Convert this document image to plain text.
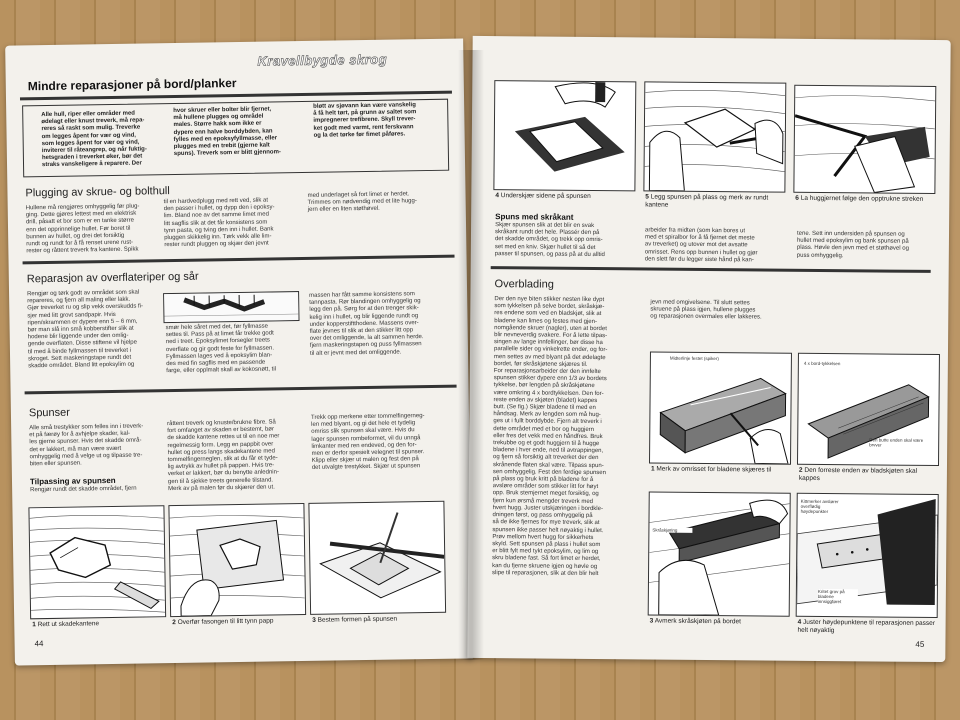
Mindre reparasjoner på bord/planker
Kravellbygde skrog
Alle hull, riper eller områder med
ødelagt eller knust treverk, må repa-
reres så raskt som mulig. Treverke
om legges åpent for vær og vind,
som legges åpent for vær og vind,
inviterer til råteangrep, og når fuktig-
hetsgraden i treverket øker, bør det
straks vanskeligere å reparere. Der
hvor skruer eller bolter blir fjernet,
må hullene plugges og områdel
males. Større hakk som ikke er
dypere enn halve borddybden, kan
fylles med en epoksyfyllmasse, eller
plugges med en trebit (gjerne kalt
spuns). Treverk som er blitt gjennom-
bløtt av sjøvann kan være vanskelig
å få helt tørt, på grunn av saltet som
impregnerer trefibrene. Skyll trever-
ket godt med varmt, rent ferskvann
og la det tørke før fimet påføres.
Plugging av skrue- og bolthull
Hullene må rengjøres omhyggelig før plug-
ging. Dette gjøres lettest med en elektrisk
drill, påsatt et bor som er en tanke større
enn det opprinnelige hullet. Før boret til
bunnen av hullet, og drei det forsiktig
rundt og rundt for å få renset urene rust-
rester og råttent treverk fra kantene. Spikk
til en hardvedplugg med rett ved, slik at
den passer i hullet, og dypp den i epoksy-
lim. Bland noe av det samme limet med
litt sagflis slik at det får konsistens som
tynn pasta, og tving den inn i hullet. Bank
pluggen skikkelig inn. Tørk vekk alle lim-
rester rundt pluggen og skjær den jevnt
med underlaget så fort limet er herdet.
Trimmes om nødvendig med et lite hugg-
jern eller en liten støthøvel.
Reparasjon av overflateriper og sår
Rengjør og tørk godt av området som skal
repareres, og fjern all maling eller lakk.
Gjør treverket ru og slip vekk overskudds fi-
sjer med litt grovt sandpapir. Hvis
ripen/skrammen er dypere enn 5 – 6 mm,
bør man slå inn små kobberstifter slik at
hodene blir liggende under den omlig-
gende overflaten. Disse stiftene vil hjelpe
til med å binde fyllmassen til treverket i
skroget. Sett maskeringstape rundt det
skadde området. Bland litt epoksylim og
smør hele såret med det, før fyllmasse
settes til. Pass på at limet får trekke godt
ned i treet. Epoksylimet forsegler treets
overflate og gir godt feste for fyllmassen.
Fyllmassen lages ved å epoksylim blan-
des med fin sagflis med en passende
farge, eller opplmalt skall av kokosnøtt, til
massen har fått samme konsistens som
tannpasta. Rør blandingen omhyggelig og
legg den på. Sørg for at den trenger skik-
kelig inn i hullet, og blir liggende rundt og
under kopperstiftthodene. Massens over-
flate jevnes til slik at den stikker litt opp
over det omliggende, la alt sammen herde.
fjern maskeringstapen og puss fyllmassen
til alt er jevnt med det omliggende.
Spunser
Alle små trestykker som felles inn i treverk-
et på færøy for å avhjelpe skader, kal-
les gjerne spunser. Hvis det skadde områ-
det er lakkert, må man være svært
omhyggelig med å velge ut og tilpasse tre-
biten eller spunsen.
Tilpassing av spunsen
Rengjør rundt det skadde området, fjern
råttent treverk og knuste/brukne fibre. Så
fort omfanget av skaden er bestemt, bør
de skadde kantene rettes ut til en noe mer
regelmessig form. Legg en pappbit over
hullet og press langs skadekantene med
tommelfingerneglen, slik at du får et tyde-
lig avtrykk av hullet på pappen. Hvis tre-
verket er lakkert, bør du benytte anlednin-
gen til å sjekke treets generelle tilstand.
Merk av på malen før du skjærer den ut.
Trekk opp merkene etter tommelfingerneg-
len med blyant, og gi det hele et tydelig
omriss slik spunsen skal være. Hvis du
lager spunsen rombeformet, vil du unngå
limkanter med ren endeved, og den for-
men er derfor spesielt velegnet til spunser.
Klipp eller skjær ut malen og fest den på
det utvalgte trestykket. Skjær ut spunsen
1 Rett ut skadekantene	2 Overfør fasongen til litt tynn papp	3 Bestem formen på spunsen
44
4 Underskjær sidene på spunsen	5 Legg spunsen på plass og merk av rundt kantene
6 La huggjernet følge den opptrukne streken
Spuns med skråkant
Skjær spunsen slik at det blir en svak
skråkant rundt det hele. Plassér den på
det skadde området, og trekk opp omris-
set med en kniv. Skjær hullet til så det
passer til spunsen, og pass på at du alltid
arbeider fra midten (som kan bores ut
med et spiralbor for å få fjernet det meste
av treverket) og utover mot det avsatte
omrisset. Rens opp bunnen i hullet og gjør
den slett før du legger siste hånd på kan-
tene. Sett inn undersiden på spunsen og
hullet med epoksylim og bank spunsen på
plass. Høvle den jevn med et støthøvel og
puss omhyggelig.
Overblading
Der den nye biten stikker nesten like dypt
som tykkelsen på selve bordet, skråskjæ-
res endene som ved en bladskjøt, slik at
bladene kan limes og festes med gjen-
nomgående skruer (nagler), uten at bordet
blir nevneverdig svakere. For å lette tilpas-
singen av lange innfellinger, bør disse ha
parallelle sider og vinkelrette ender, og for-
men settes av med blyant på det ødelagte
bordet, før skråskjøtene skjæres til.
For reparasjonsarbeider der den innfelte
spunsen stikker dypere enn 1/3 av bordets
tykkelse, bør lengden på skråskjøtene
være omkring 4 x bordtykkelsen. Den for-
reste enden av skjøten (bladet) kappes
butt. (Se fig.) Skjær bladene til med en
håndsag. Merk av lengden som må hug-
ges ut i fullt borddybde. Fjern alt treverk i
dette området med et bor og huggjern
eller fres det vekk med en håndfres. Bruk
trekubbe og et godt huggjern til å hugge
bladene i hver ende, ned til avtrappingen,
og fjern så forsiktig alt treverket der den
skrånende flaten skal være. Tilpass spun-
sen omhyggelig. Fest den ferdige spunsen
på plass og bruk kritt på bladene for å
avsløre områder som stikker litt for høyt
opp. Bruk stemjernet meget forsiktig, og
fjern kun ørsmå mengder treverk med
hvert hugg. Juster utskjæringen i bordkle-
dningen først, og pass omhyggelig på
så de ikke fjernes for mye treverk, slik at
spunsen ikke passer helt nøyaktig i hullet.
Prøv mellom hvert hugg for sikkerhets
skyld. Sett spunsen på plass i hullet som
er blitt fylt med tykt epoksylim, og lim og
skru bladene fast. Så fort limet er herdet,
kan du fjerne skruene igjen og høvle og
slipe til reparasjonen, slik at den blir helt
jevn med omgivelsene. Til slutt settes
skruene på plass igjen, hullene plugges
og reparasjonen overmales eller lakkeres.
Midterlinje festet (spiker)
4 x bord-tykkelsen
Den butte enden skal være brvver
1 Merk av omrisset for bladene skjæres til	2 Den forreste enden av bladskjøten skal kappes
Skråskjøring
Kittmerker avslører overflødig høydepunkter
Kritet grov på bladene innsiggføret
3 Avmerk skråskjøten på bordet	4 Juster høydepunktene til reparasjonen passer helt nøyaktig
45
